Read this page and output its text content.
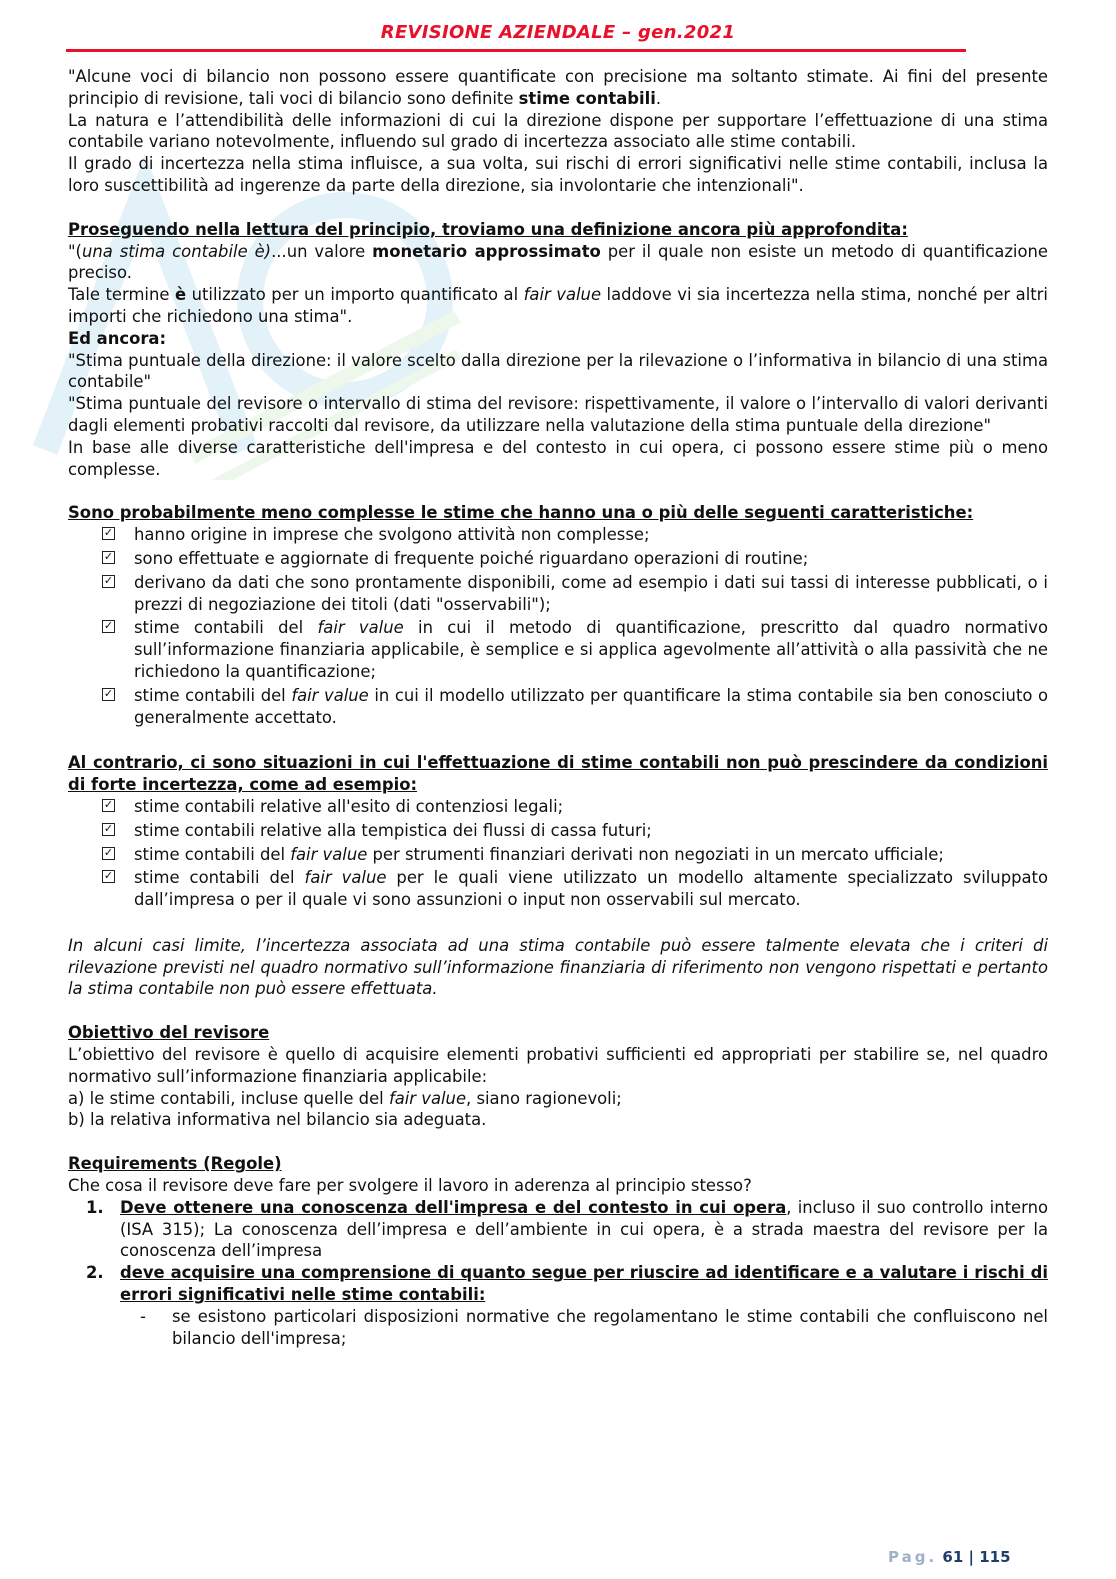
REVISIONE AZIENDALE – gen.2021

"Alcune voci di bilancio non possono essere quantificate con precisione ma soltanto stimate. Ai fini del presente principio di revisione, tali voci di bilancio sono definite stime contabili.

La natura e l’attendibilità delle informazioni di cui la direzione dispone per supportare l’effettuazione di una stima contabile variano notevolmente, influendo sul grado di incertezza associato alle stime contabili.

Il grado di incertezza nella stima influisce, a sua volta, sui rischi di errori significativi nelle stime contabili, inclusa la loro suscettibilità ad ingerenze da parte della direzione, sia involontarie che intenzionali".

Proseguendo nella lettura del principio, troviamo una definizione ancora più approfondita:

"(una stima contabile è)...un valore monetario approssimato per il quale non esiste un metodo di quantificazione preciso.

Tale termine è utilizzato per un importo quantificato al fair value laddove vi sia incertezza nella stima, nonché per altri importi che richiedono una stima".

Ed ancora:

"Stima puntuale della direzione: il valore scelto dalla direzione per la rilevazione o l’informativa in bilancio di una stima contabile"

"Stima puntuale del revisore o intervallo di stima del revisore: rispettivamente, il valore o l’intervallo di valori derivanti dagli elementi probativi raccolti dal revisore, da utilizzare nella valutazione della stima puntuale della direzione"

In base alle diverse caratteristiche dell'impresa e del contesto in cui opera, ci possono essere stime più o meno complesse.

Sono probabilmente meno complesse le stime che hanno una o più delle seguenti caratteristiche:

✓ hanno origine in imprese che svolgono attività non complesse;
✓ sono effettuate e aggiornate di frequente poiché riguardano operazioni di routine;
✓ derivano da dati che sono prontamente disponibili, come ad esempio i dati sui tassi di interesse pubblicati, o i prezzi di negoziazione dei titoli (dati "osservabili");
✓ stime contabili del fair value in cui il metodo di quantificazione, prescritto dal quadro normativo sull’informazione finanziaria applicabile, è semplice e si applica agevolmente all’attività o alla passività che ne richiedono la quantificazione;
✓ stime contabili del fair value in cui il modello utilizzato per quantificare la stima contabile sia ben conosciuto o generalmente accettato.

Al contrario, ci sono situazioni in cui l'effettuazione di stime contabili non può prescindere da condizioni di forte incertezza, come ad esempio:

✓ stime contabili relative all'esito di contenziosi legali;
✓ stime contabili relative alla tempistica dei flussi di cassa futuri;
✓ stime contabili del fair value per strumenti finanziari derivati non negoziati in un mercato ufficiale;
✓ stime contabili del fair value per le quali viene utilizzato un modello altamente specializzato sviluppato dall’impresa o per il quale vi sono assunzioni o input non osservabili sul mercato.

In alcuni casi limite, l’incertezza associata ad una stima contabile può essere talmente elevata che i criteri di rilevazione previsti nel quadro normativo sull’informazione finanziaria di riferimento non vengono rispettati e pertanto la stima contabile non può essere effettuata.

Obiettivo del revisore

L’obiettivo del revisore è quello di acquisire elementi probativi sufficienti ed appropriati per stabilire se, nel quadro normativo sull’informazione finanziaria applicabile:

a) le stime contabili, incluse quelle del fair value, siano ragionevoli;

b) la relativa informativa nel bilancio sia adeguata.

Requirements (Regole)

Che cosa il revisore deve fare per svolgere il lavoro in aderenza al principio stesso?

1. Deve ottenere una conoscenza dell'impresa e del contesto in cui opera, incluso il suo controllo interno (ISA 315); La conoscenza dell’impresa e dell’ambiente in cui opera, è a strada maestra del revisore per la conoscenza dell’impresa
2. deve acquisire una comprensione di quanto segue per riuscire ad identificare e a valutare i rischi di errori significativi nelle stime contabili:
- se esistono particolari disposizioni normative che regolamentano le stime contabili che confluiscono nel bilancio dell'impresa;
Pag. 61 | 115
